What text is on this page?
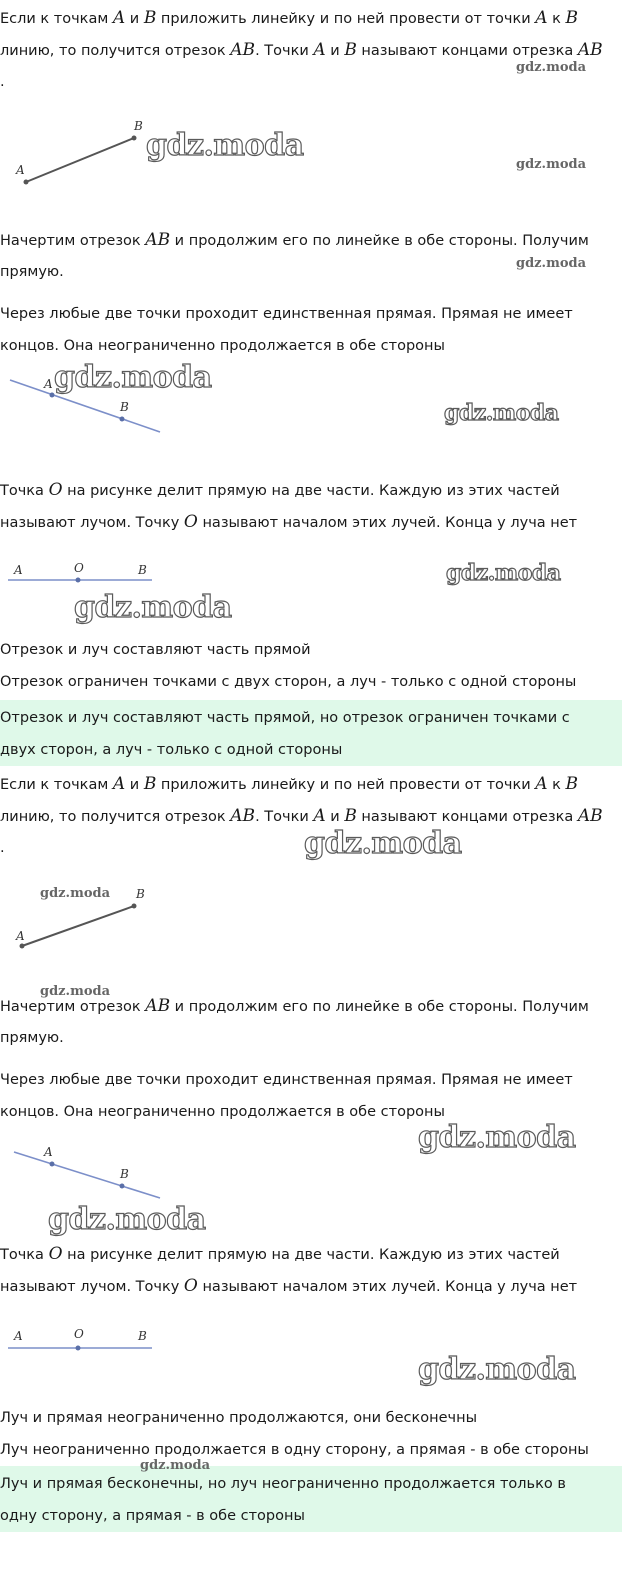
Если к точкам A и B приложить линейку и по ней провести от точки A к B

линию, то получится отрезок AB. Точки A и B называют концами отрезка AB

.

A
B

Начертим отрезок AB и продолжим его по линейке в обе стороны. Получим

прямую.

Через любые две точки проходит единственная прямая. Прямая не имеет

концов. Она неограниченно продолжается в обе стороны

A
B

Точка O на рисунке делит прямую на две части. Каждую из этих частей

называют лучом. Точку O называют началом этих лучей. Конца у луча нет

A	O	B

Отрезок и луч составляют часть прямой

Отрезок ограничен точками с двух сторон, а луч - только с одной стороны

Отрезок и луч составляют часть прямой, но отрезок ограничен точками с

двух сторон, а луч - только с одной стороны

Если к точкам A и B приложить линейку и по ней провести от точки A к B

линию, то получится отрезок AB. Точки A и B называют концами отрезка AB

.

A
B

Начертим отрезок AB и продолжим его по линейке в обе стороны. Получим

прямую.

Через любые две точки проходит единственная прямая. Прямая не имеет

концов. Она неограниченно продолжается в обе стороны

A
B

Точка O на рисунке делит прямую на две части. Каждую из этих частей

называют лучом. Точку O называют началом этих лучей. Конца у луча нет

A	O	B

Луч и прямая неограниченно продолжаются, они бесконечны

Луч неограниченно продолжается в одну сторону, а прямая - в обе стороны

Луч и прямая бесконечны, но луч неограниченно продолжается только в

одну сторону, а прямая - в обе стороны

gdz.moda
gdz.moda
gdz.moda
gdz.moda
gdz.moda
gdz.moda
gdz.moda
gdz.moda
gdz.moda
gdz.moda
gdz.moda
gdz.moda
gdz.moda
gdz.moda
gdz.moda
